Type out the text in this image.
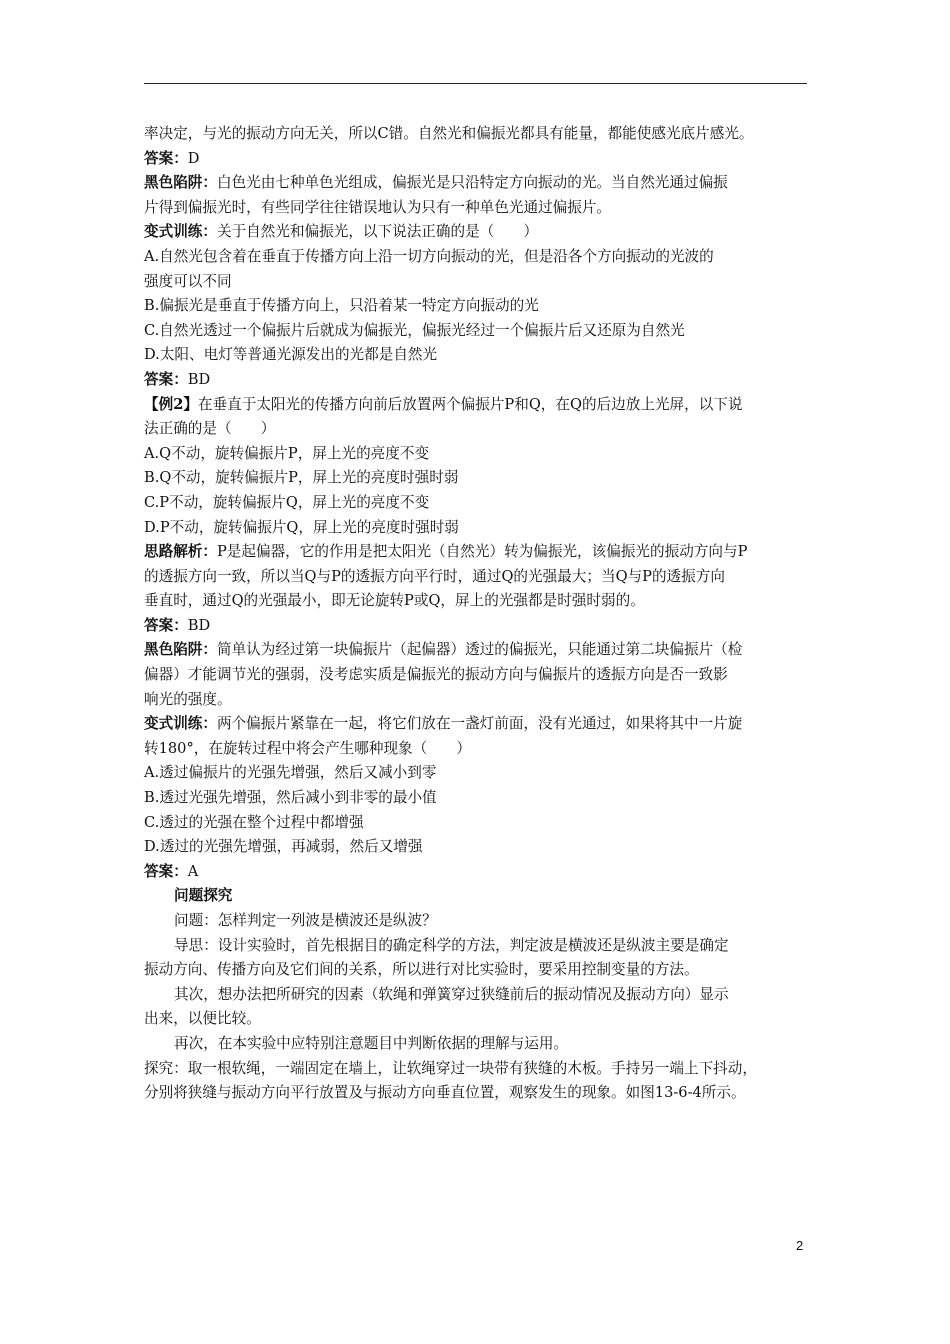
率决定，与光的振动方向无关，所以C错。自然光和偏振光都具有能量，都能使感光底片感光。
答案：D
黑色陷阱：白色光由七种单色光组成，偏振光是只沿特定方向振动的光。当自然光通过偏振
片得到偏振光时，有些同学往往错误地认为只有一种单色光通过偏振片。
变式训练：关于自然光和偏振光，以下说法正确的是（　　）
A.自然光包含着在垂直于传播方向上沿一切方向振动的光，但是沿各个方向振动的光波的
强度可以不同
B.偏振光是垂直于传播方向上，只沿着某一特定方向振动的光
C.自然光透过一个偏振片后就成为偏振光，偏振光经过一个偏振片后又还原为自然光
D.太阳、电灯等普通光源发出的光都是自然光
答案：BD
【例2】在垂直于太阳光的传播方向前后放置两个偏振片P和Q，在Q的后边放上光屏，以下说
法正确的是（　　）
A.Q不动，旋转偏振片P，屏上光的亮度不变
B.Q不动，旋转偏振片P，屏上光的亮度时强时弱
C.P不动，旋转偏振片Q，屏上光的亮度不变
D.P不动，旋转偏振片Q，屏上光的亮度时强时弱
思路解析：P是起偏器，它的作用是把太阳光（自然光）转为偏振光，该偏振光的振动方向与P
的透振方向一致，所以当Q与P的透振方向平行时，通过Q的光强最大；当Q与P的透振方向
垂直时，通过Q的光强最小，即无论旋转P或Q，屏上的光强都是时强时弱的。
答案：BD
黑色陷阱：简单认为经过第一块偏振片（起偏器）透过的偏振光，只能通过第二块偏振片（检
偏器）才能调节光的强弱，没考虑实质是偏振光的振动方向与偏振片的透振方向是否一致影
响光的强度。
变式训练：两个偏振片紧靠在一起，将它们放在一盏灯前面，没有光通过，如果将其中一片旋
转180°，在旋转过程中将会产生哪种现象（　　）
A.透过偏振片的光强先增强，然后又减小到零
B.透过光强先增强，然后减小到非零的最小值
C.透过的光强在整个过程中都增强
D.透过的光强先增强，再减弱，然后又增强
答案：A
问题探究
问题：怎样判定一列波是横波还是纵波？
导思：设计实验时，首先根据目的确定科学的方法，判定波是横波还是纵波主要是确定
振动方向、传播方向及它们间的关系，所以进行对比实验时，要采用控制变量的方法。
其次，想办法把所研究的因素（软绳和弹簧穿过狭缝前后的振动情况及振动方向）显示
出来，以便比较。
再次，在本实验中应特别注意题目中判断依据的理解与运用。
探究：取一根软绳，一端固定在墙上，让软绳穿过一块带有狭缝的木板。手持另一端上下抖动，
分别将狭缝与振动方向平行放置及与振动方向垂直位置，观察发生的现象。如图13-6-4所示。
2
